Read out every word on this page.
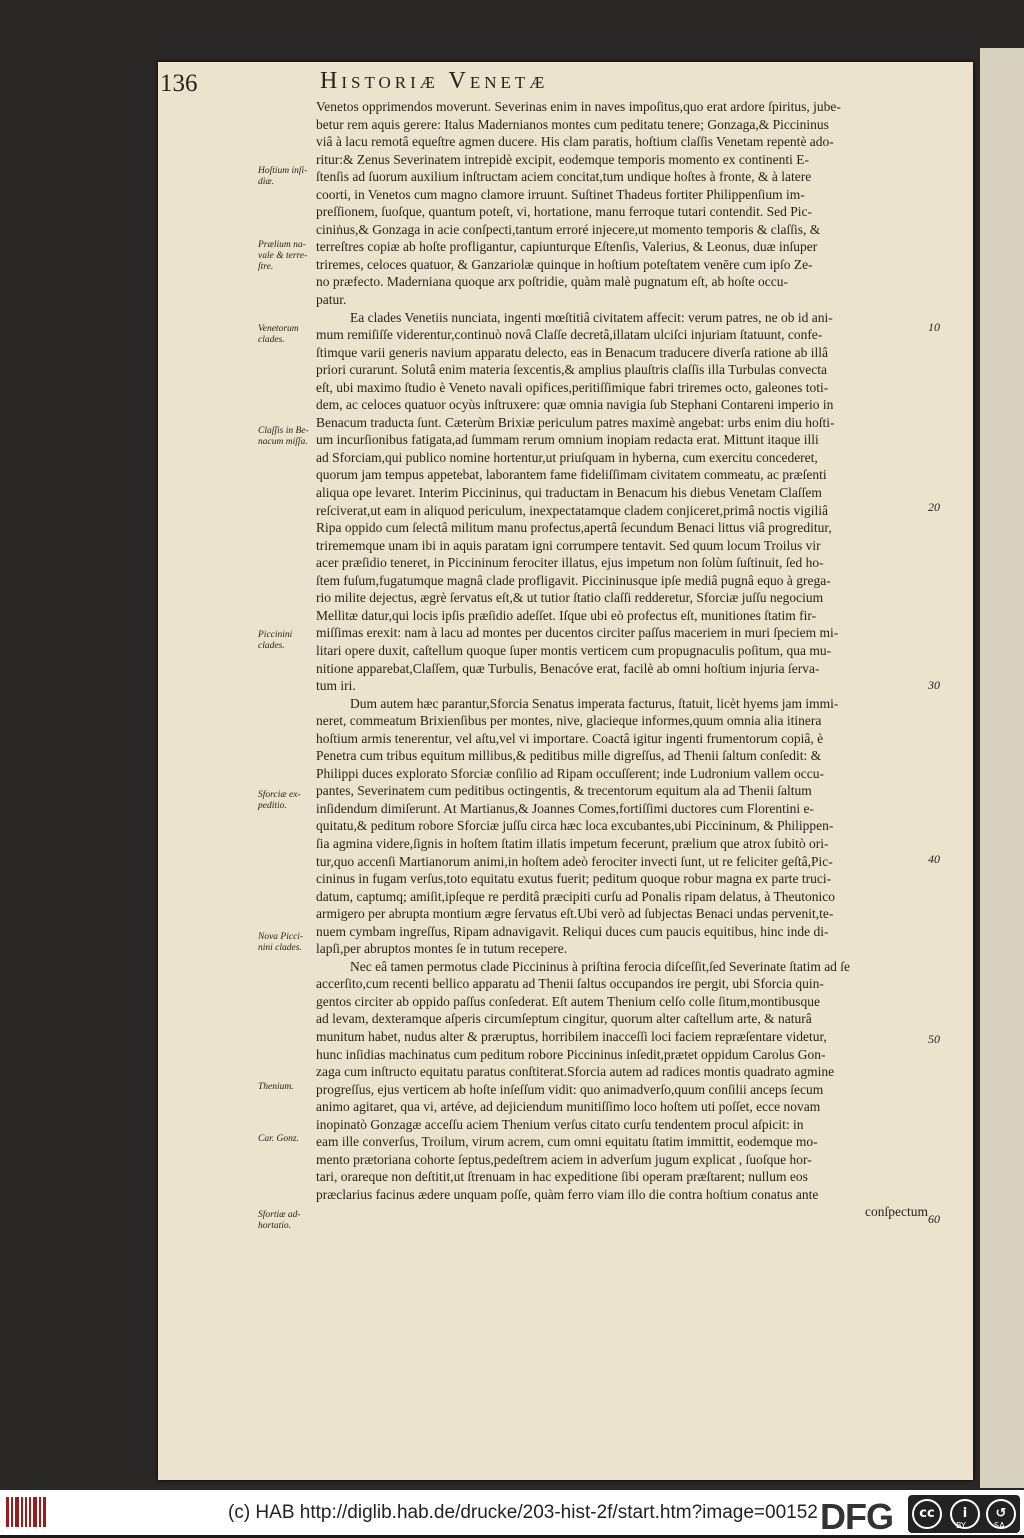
136	Historiæ Venetæ

Venetos opprimendos moverunt. Severinas enim in naves impoſitus,quo erat ardore ſpiritus, jube-
betur rem aquis gerere: Italus Madernianos montes cum peditatu tenere; Gonzaga,& Piccininus
viâ à lacu remotâ equeſtre agmen ducere. His clam paratis, hoſtium claſſis Venetam repentè ado-
ritur:& Zenus Severinatem intrepidè excipit, eodemque temporis momento ex continenti E-
ſtenſis ad ſuorum auxilium inſtructam aciem concitat,tum undique hoſtes à fronte, & à latere
coorti, in Venetos cum magno clamore irruunt. Suſtinet Thadeus fortiter Philippenſium im-
preſſionem, ſuoſque, quantum poteſt, vi, hortatione, manu ferroque tutari contendit. Sed Pic-
ciniṅus,& Gonzaga in acie conſpecti,tantum erroré injecere,ut momento temporis & claſſis, &
terreſtres copiæ ab hoſte profligantur, capiunturque Eſtenſis, Valerius, & Leonus, duæ inſuper
triremes, celoces quatuor, & Ganzariolæ quinque in hoſtium poteſtatem venēre cum ipſo Ze-
no præfecto. Maderniana quoque arx poſtridie, quàm malè pugnatum eſt, ab hoſte occu-
patur.

Ea clades Venetiis nunciata, ingenti mœſtitiâ civitatem affecit: verum patres, ne ob id ani-
mum remiſiſſe viderentur,continuò novâ Claſſe decretâ,illatam ulciſci injuriam ſtatuunt, confe-
ſtimque varii generis navium apparatu delecto, eas in Benacum traducere diverſa ratione ab illâ
priori curarunt. Solutâ enim materia ſexcentis,& amplius plauſtris claſſis illa Turbulas convecta
eſt, ubi maximo ſtudio è Veneto navali opifices,peritiſſimique fabri triremes octo, galeones toti-
dem, ac celoces quatuor ocyùs inſtruxere: quæ omnia navigia ſub Stephani Contareni imperio in
Benacum traducta ſunt. Cæterùm Brixiæ periculum patres maximè angebat: urbs enim diu hoſti-
um incurſionibus fatigata,ad ſummam rerum omnium inopiam redacta erat. Mittunt itaque illi
ad Sforciam,qui publico nomine hortentur,ut priuſquam in hyberna, cum exercitu concederet,
quorum jam tempus appetebat, laborantem fame fideliſſimam civitatem commeatu, ac præſenti
aliqua ope levaret. Interim Piccininus, qui traductam in Benacum his diebus Venetam Claſſem
reſciverat,ut eam in aliquod periculum, inexpectatamque cladem conjiceret,primâ noctis vigiliâ
Ripa oppido cum ſelectâ militum manu profectus,apertâ ſecundum Benaci littus viâ progreditur,
trirememque unam ibi in aquis paratam igni corrumpere tentavit. Sed quum locum Troilus vir
acer præſidio teneret, in Piccininum ferociter illatus, ejus impetum non ſolùm ſuſtinuit, ſed ho-
ſtem fuſum,fugatumque magnâ clade profligavit. Piccininusque ipſe mediâ pugnâ equo à grega-
rio milite dejectus, ægrè ſervatus eſt,& ut tutior ſtatio claſſi redderetur, Sforciæ juſſu negocium
Mellitæ datur,qui locis ipſis præſidio adeſſet. Iſque ubi eò profectus eſt, munitiones ſtatim fir-
miſſimas erexit: nam à lacu ad montes per ducentos circiter paſſus maceriem in muri ſpeciem mi-
litari opere duxit, caſtellum quoque ſuper montis verticem cum propugnaculis poſitum, qua mu-
nitione apparebat,Claſſem, quæ Turbulis, Benacóve erat, facilè ab omni hoſtium injuria ſerva-
tum iri.

Dum autem hæc parantur,Sforcia Senatus imperata facturus, ſtatuit, licèt hyems jam immi-
neret, commeatum Brixienſibus per montes, nive, glacieque informes,quum omnia alia itinera
hoſtium armis tenerentur, vel aſtu,vel vi importare. Coactâ igitur ingenti frumentorum copiâ, è
Penetra cum tribus equitum millibus,& peditibus mille digreſſus, ad Thenii ſaltum conſedit: &
Philippi duces explorato Sforciæ conſilio ad Ripam occuſſerent; inde Ludronium vallem occu-
pantes, Severinatem cum peditibus octingentis, & trecentorum equitum ala ad Thenii ſaltum
inſidendum dimiſerunt. At Martianus,& Joannes Comes,fortiſſimi ductores cum Florentini e-
quitatu,& peditum robore Sforciæ juſſu circa hæc loca excubantes,ubi Piccininum, & Philippen-
ſia agmina videre,ſignis in hoſtem ſtatim illatis impetum fecerunt, prælium que atrox ſubitò ori-
tur,quo accenſi Martianorum animi,in hoſtem adeò ferociter invecti ſunt, ut re feliciter geſtâ,Pic-
cininus in fugam verſus,toto equitatu exutus fuerit; peditum quoque robur magna ex parte truci-
datum, captumq; amiſit,ipſeque re perditâ præcipiti curſu ad Ponalis ripam delatus, à Theutonico
armigero per abrupta montium ægre ſervatus eſt.Ubi verò ad ſubjectas Benaci undas pervenit,te-
nuem cymbam ingreſſus, Ripam adnavigavit. Reliqui duces cum paucis equitibus, hinc inde di-
lapſi,per abruptos montes ſe in tutum recepere.

Nec eâ tamen permotus clade Piccininus à priſtina ferocia diſceſſit,ſed Severinate ſtatim ad ſe
accerſito,cum recenti bellico apparatu ad Thenii ſaltus occupandos ire pergit, ubi Sforcia quin-
gentos circiter ab oppido paſſus conſederat. Eſt autem Thenium celſo colle ſitum,montibusque
ad levam, dexteramque aſperis circumſeptum cingitur, quorum alter caſtellum arte, & naturâ
munitum habet, nudus alter & præruptus, horribilem inacceſſi loci faciem repræſentare videtur,
hunc inſidias machinatus cum peditum robore Piccininus inſedit,prætet oppidum Carolus Gon-
zaga cum inſtructo equitatu paratus conſtiterat.Sforcia autem ad radices montis quadrato agmine
progreſſus, ejus verticem ab hoſte inſeſſum vidit: quo animadverſo,quum conſilii anceps ſecum
animo agitaret, qua vi, artéve, ad dejiciendum munitiſſimo loco hoſtem uti poſſet, ecce novam
inopinatò Gonzagæ acceſſu aciem Thenium verſus citato curſu tendentem procul aſpicit: in
eam ille converſus, Troilum, virum acrem, cum omni equitatu ſtatim immittit, eodemque mo-
mento prætoriana cohorte ſeptus,pedeſtrem aciem in adverſum jugum explicat , ſuoſque hor-
tari, orareque non deſtitit,ut ſtrenuam in hac expeditione ſibi operam præſtarent; nullum eos
præclarius facinus ædere unquam poſſe, quàm ferro viam illo die contra hoſtium conatus ante

conſpectum

Hoſtium inſi-
diæ.
Prælium na-
vale & terre-
ſtre.
Venetorum
clades.
Claſſis in Be-
nacum miſſa.
Piccinini
clades.
Sforciæ ex-
peditio.
Nova Picci-
nini clades.
Thenium.
Car. Gonz.
Sfortiæ ad-
hortatio.
10
20
30
40
50
60
(c) HAB http://diglib.hab.de/drucke/203-hist-2f/start.htm?image=00152 DFG	cc	i	↺
BY	SA
